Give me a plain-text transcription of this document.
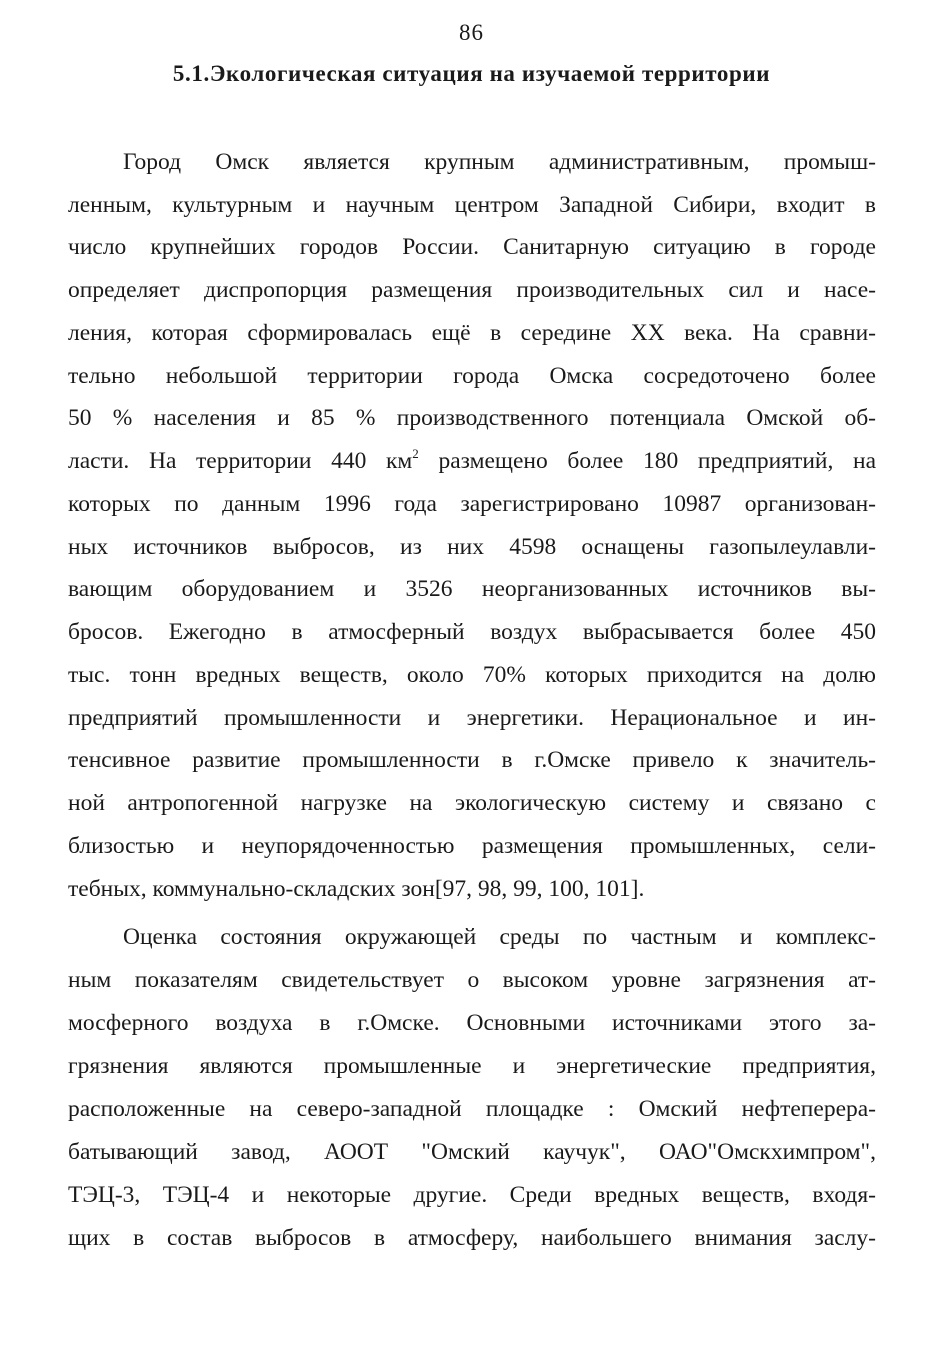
86
5.1.Экологическая ситуация на изучаемой территории
Город Омск является крупным административным, промыш-
ленным, культурным и научным центром Западной Сибири, входит в
число крупнейших городов России. Санитарную ситуацию в городе
определяет диспропорция размещения производительных сил и насе-
ления, которая сформировалась ещё в середине XX века. На сравни-
тельно небольшой территории города Омска сосредоточено более
50 % населения и 85 % производственного потенциала Омской об-
ласти. На территории 440 $км^2$ размещено более 180 предприятий, на
которых по данным 1996 года зарегистрировано 10987 организован-
ных источников выбросов, из них 4598 оснащены газопылеулавли-
вающим оборудованием и 3526 неорганизованных источников вы-
бросов. Ежегодно в атмосферный воздух выбрасывается более 450
тыс. тонн вредных веществ, около 70% которых приходится на долю
предприятий промышленности и энергетики. Нерациональное и ин-
тенсивное развитие промышленности в г.Омске привело к значитель-
ной антропогенной нагрузке на экологическую систему и связано с
близостью и неупорядоченностью размещения промышленных, сели-
тебных, коммунально-складских зон[97, 98, 99, 100, 101].
Оценка состояния окружающей среды по частным и комплекс-
ным показателям свидетельствует о высоком уровне загрязнения ат-
мосферного воздуха в г.Омске. Основными источниками этого за-
грязнения являются промышленные и энергетические предприятия,
расположенные на северо-западной площадке : Омский нефтеперера-
батывающий завод, АООТ "Омский каучук", ОАО"Омскхимпром",
ТЭЦ-3, ТЭЦ-4 и некоторые другие. Среди вредных веществ, входя-
щих в состав выбросов в атмосферу, наибольшего внимания заслу-
